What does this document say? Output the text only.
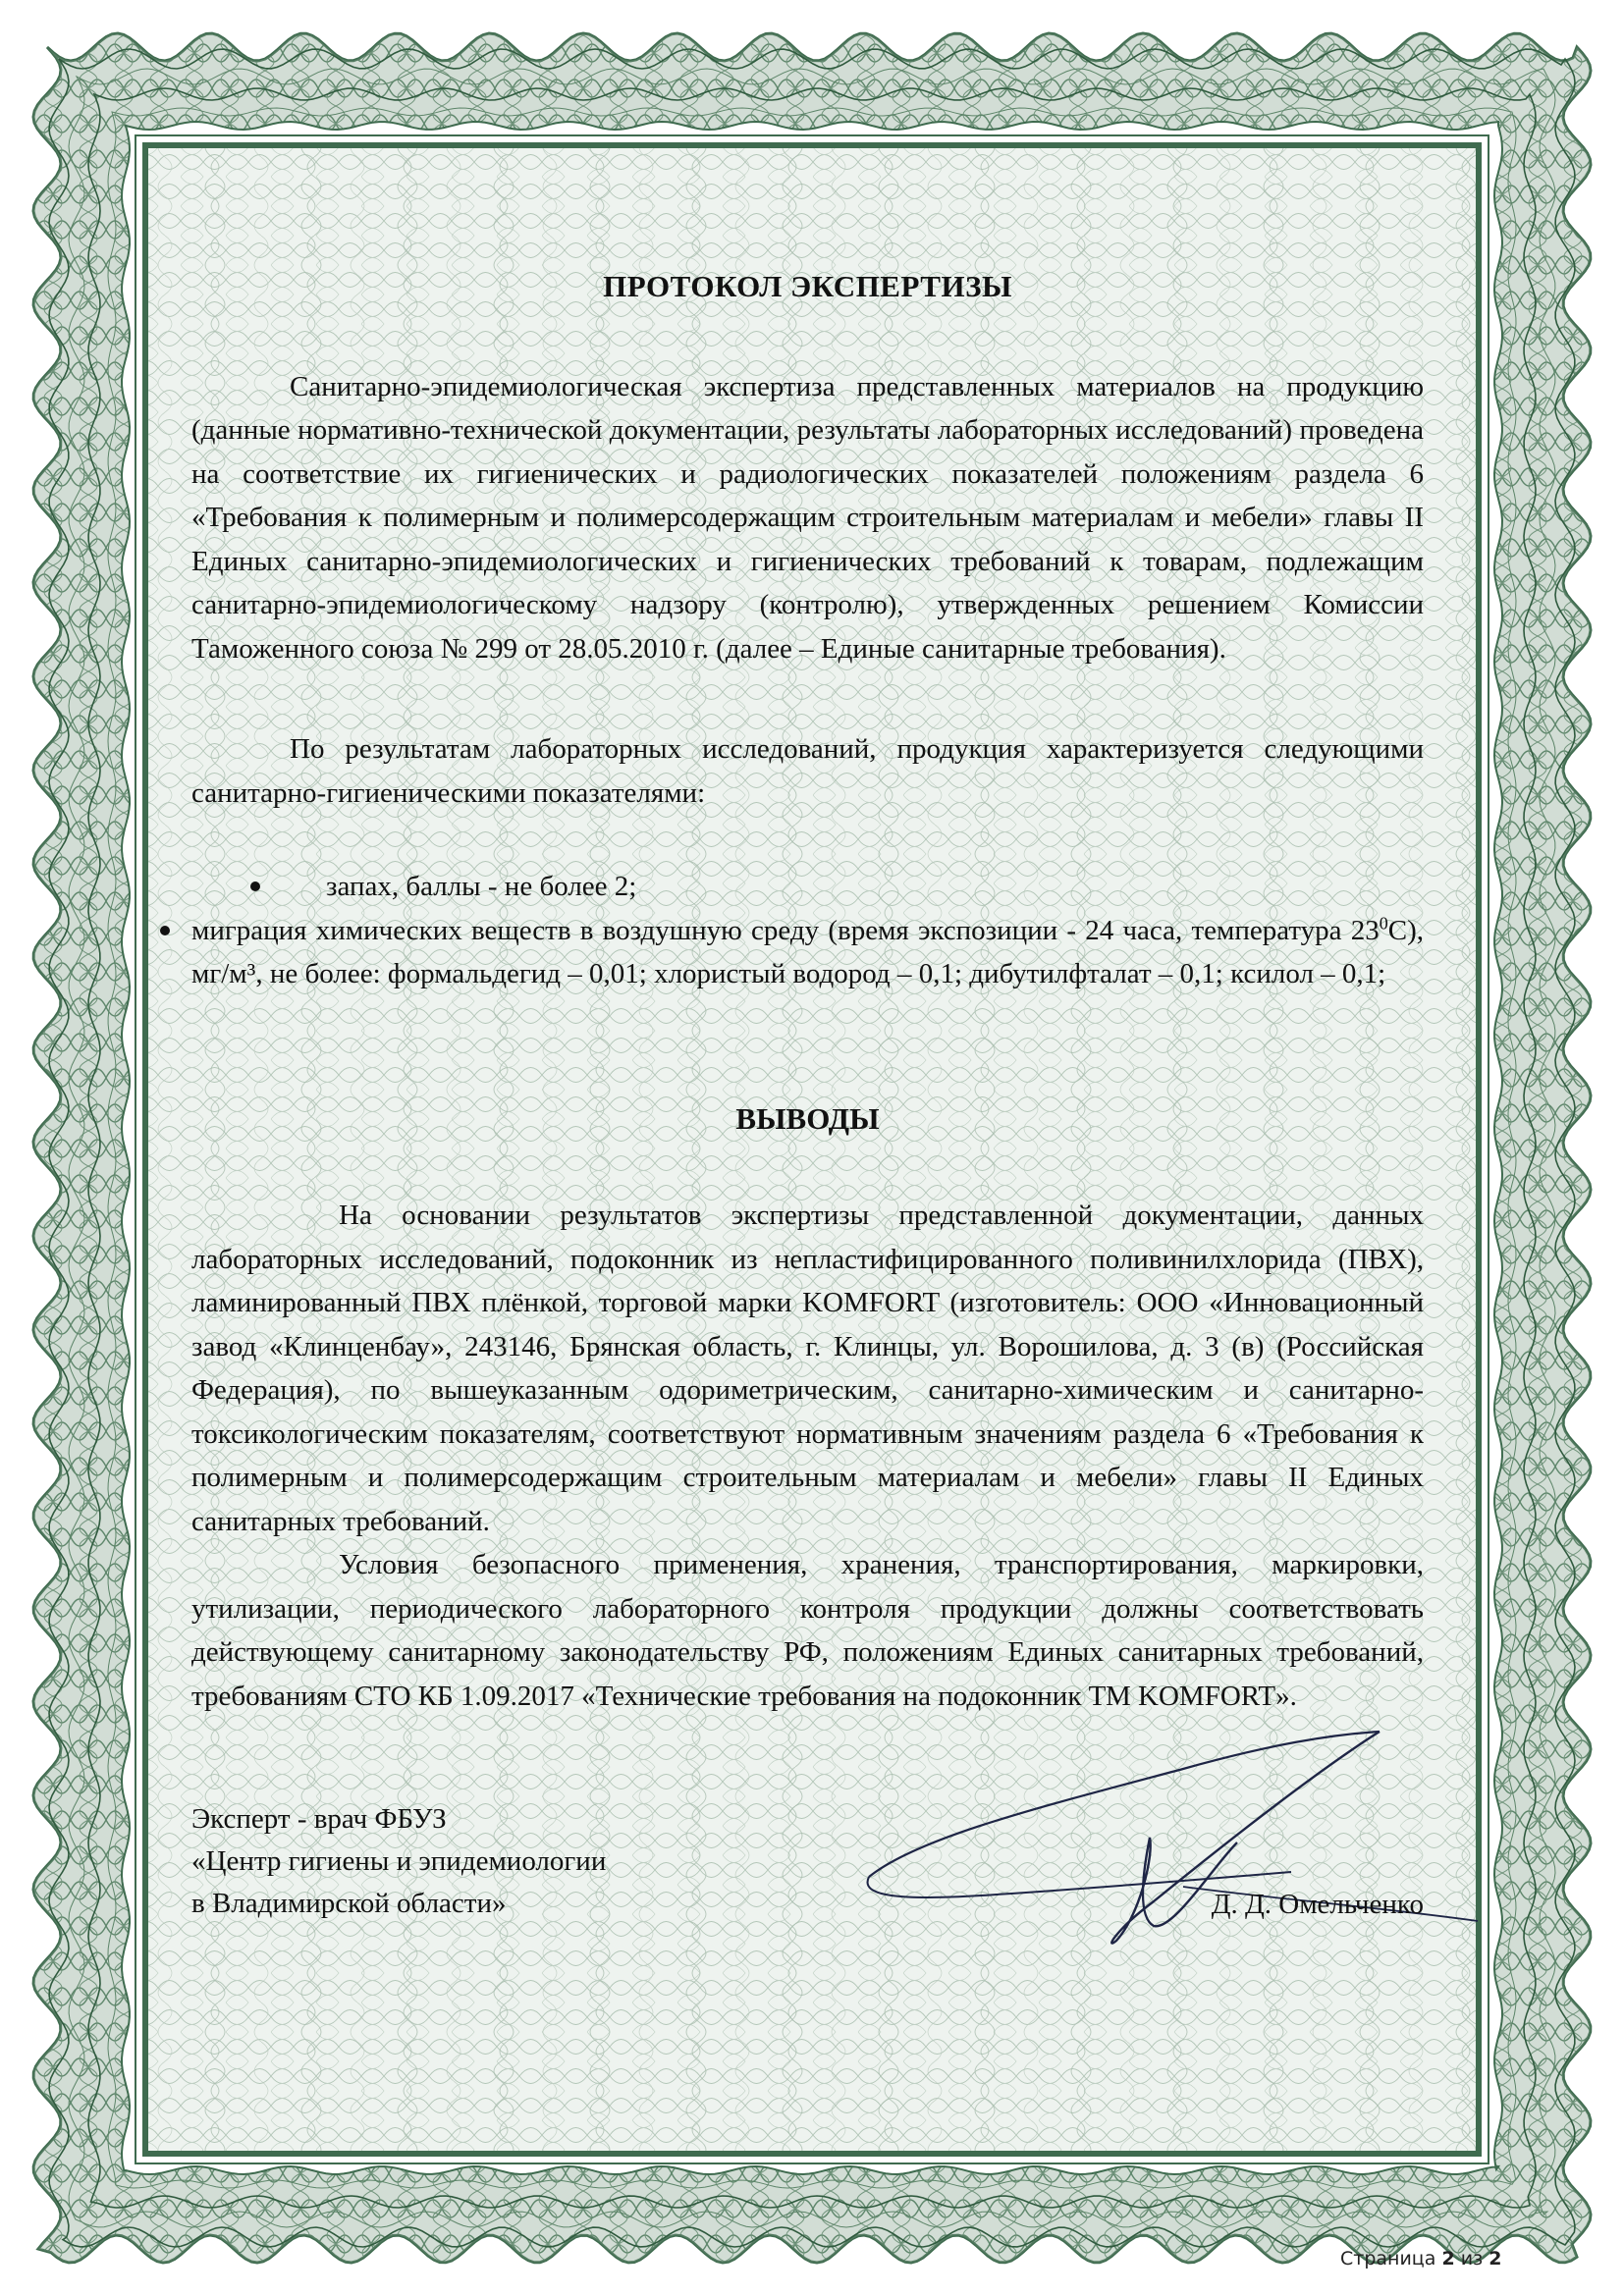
ПРОТОКОЛ ЭКСПЕРТИЗЫ

Санитарно-эпидемиологическая экспертиза представленных материалов на продукцию (данные нормативно-технической документации, результаты лабораторных исследований) проведена на соответствие их гигиенических и радиологических показателей положениям раздела 6 «Требования к полимерным и полимерсодержащим строительным материалам и мебели» главы II Единых санитарно-эпидемиологических и гигиенических требований к товарам, подлежащим санитарно-эпидемиологическому надзору (контролю), утвержденных решением Комиссии Таможенного союза № 299 от 28.05.2010 г. (далее – Единые санитарные требования).

По результатам лабораторных исследований, продукция характеризуется следующими санитарно-гигиеническими показателями:

запах, баллы - не более 2;
миграция химических веществ в воздушную среду (время экспозиции - 24 часа, температура $23^0С$), мг/м³, не более: формальдегид – 0,01; хлористый водород – 0,1; дибутилфталат – 0,1; ксилол – 0,1;
ВЫВОДЫ

На основании результатов экспертизы представленной документации, данных лабораторных исследований, подоконник из непластифицированного поливинилхлорида (ПВХ), ламинированный ПВХ плёнкой, торговой марки KOMFORT (изготовитель: ООО «Инновационный завод «Клинценбау», 243146, Брянская область, г. Клинцы, ул. Ворошилова, д. 3 (в) (Российская Федерация), по вышеуказанным одориметрическим, санитарно-химическим и санитарно-токсикологическим показателям, соответствуют нормативным значениям раздела 6 «Требования к полимерным и полимерсодержащим строительным материалам и мебели» главы II Единых санитарных требований.

Условия безопасного применения, хранения, транспортирования, маркировки, утилизации, периодического лабораторного контроля продукции должны соответствовать действующему санитарному законодательству РФ, положениям Единых санитарных требований, требованиям СТО КБ 1.09.2017 «Технические требования на подоконник ТМ KOMFORT».

Эксперт - врач ФБУЗ
«Центр гигиены и эпидемиологии
в Владимирской области»	Д. Д. Омельченко
Страница 2 из 2
